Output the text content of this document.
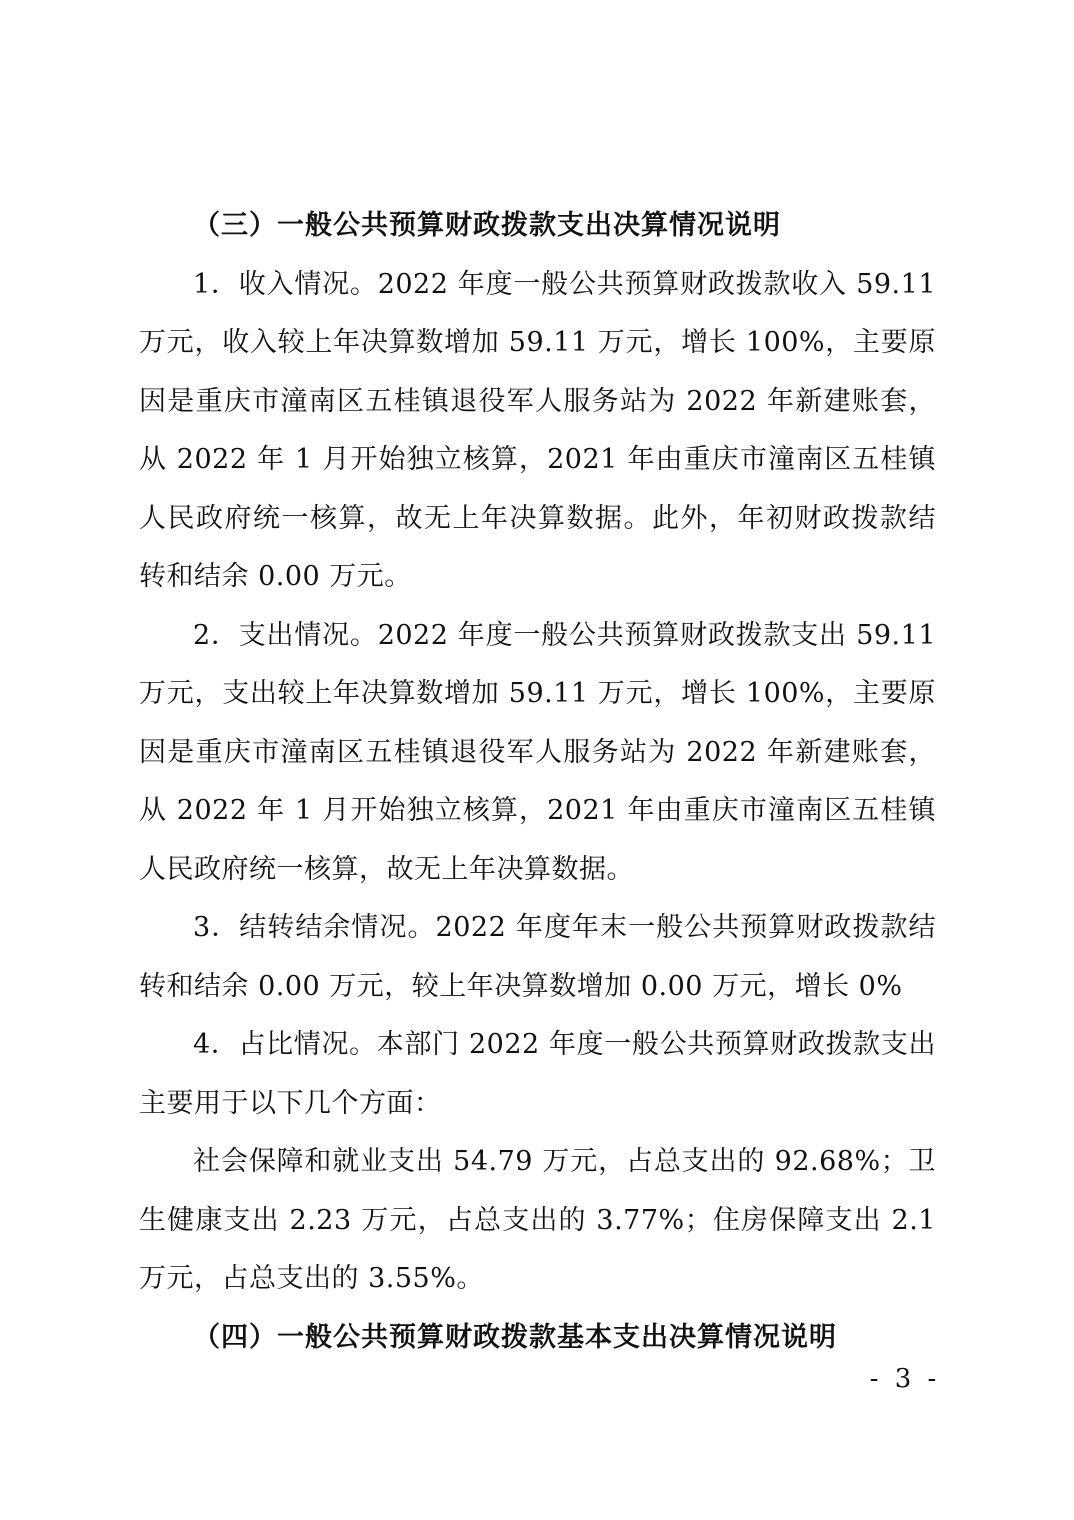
（三）一般公共预算财政拨款支出决算情况说明

1．收入情况。2022 年度一般公共预算财政拨款收入 59.11 万元，收入较上年决算数增加 59.11 万元，增长 100%，主要原因是重庆市潼南区五桂镇退役军人服务站为 2022 年新建账套，从 2022 年 1 月开始独立核算，2021 年由重庆市潼南区五桂镇人民政府统一核算，故无上年决算数据。此外，年初财政拨款结转和结余 0.00 万元。

2．支出情况。2022 年度一般公共预算财政拨款支出 59.11 万元，支出较上年决算数增加 59.11 万元，增长 100%，主要原因是重庆市潼南区五桂镇退役军人服务站为 2022 年新建账套，从 2022 年 1 月开始独立核算，2021 年由重庆市潼南区五桂镇人民政府统一核算，故无上年决算数据。

3．结转结余情况。2022 年度年末一般公共预算财政拨款结转和结余 0.00 万元，较上年决算数增加 0.00 万元，增长 0%

4．占比情况。本部门 2022 年度一般公共预算财政拨款支出主要用于以下几个方面：

社会保障和就业支出 54.79 万元，占总支出的 92.68%；卫生健康支出 2.23 万元，占总支出的 3.77%；住房保障支出 2.1 万元，占总支出的 3.55%。

（四）一般公共预算财政拨款基本支出决算情况说明

- 3 -
